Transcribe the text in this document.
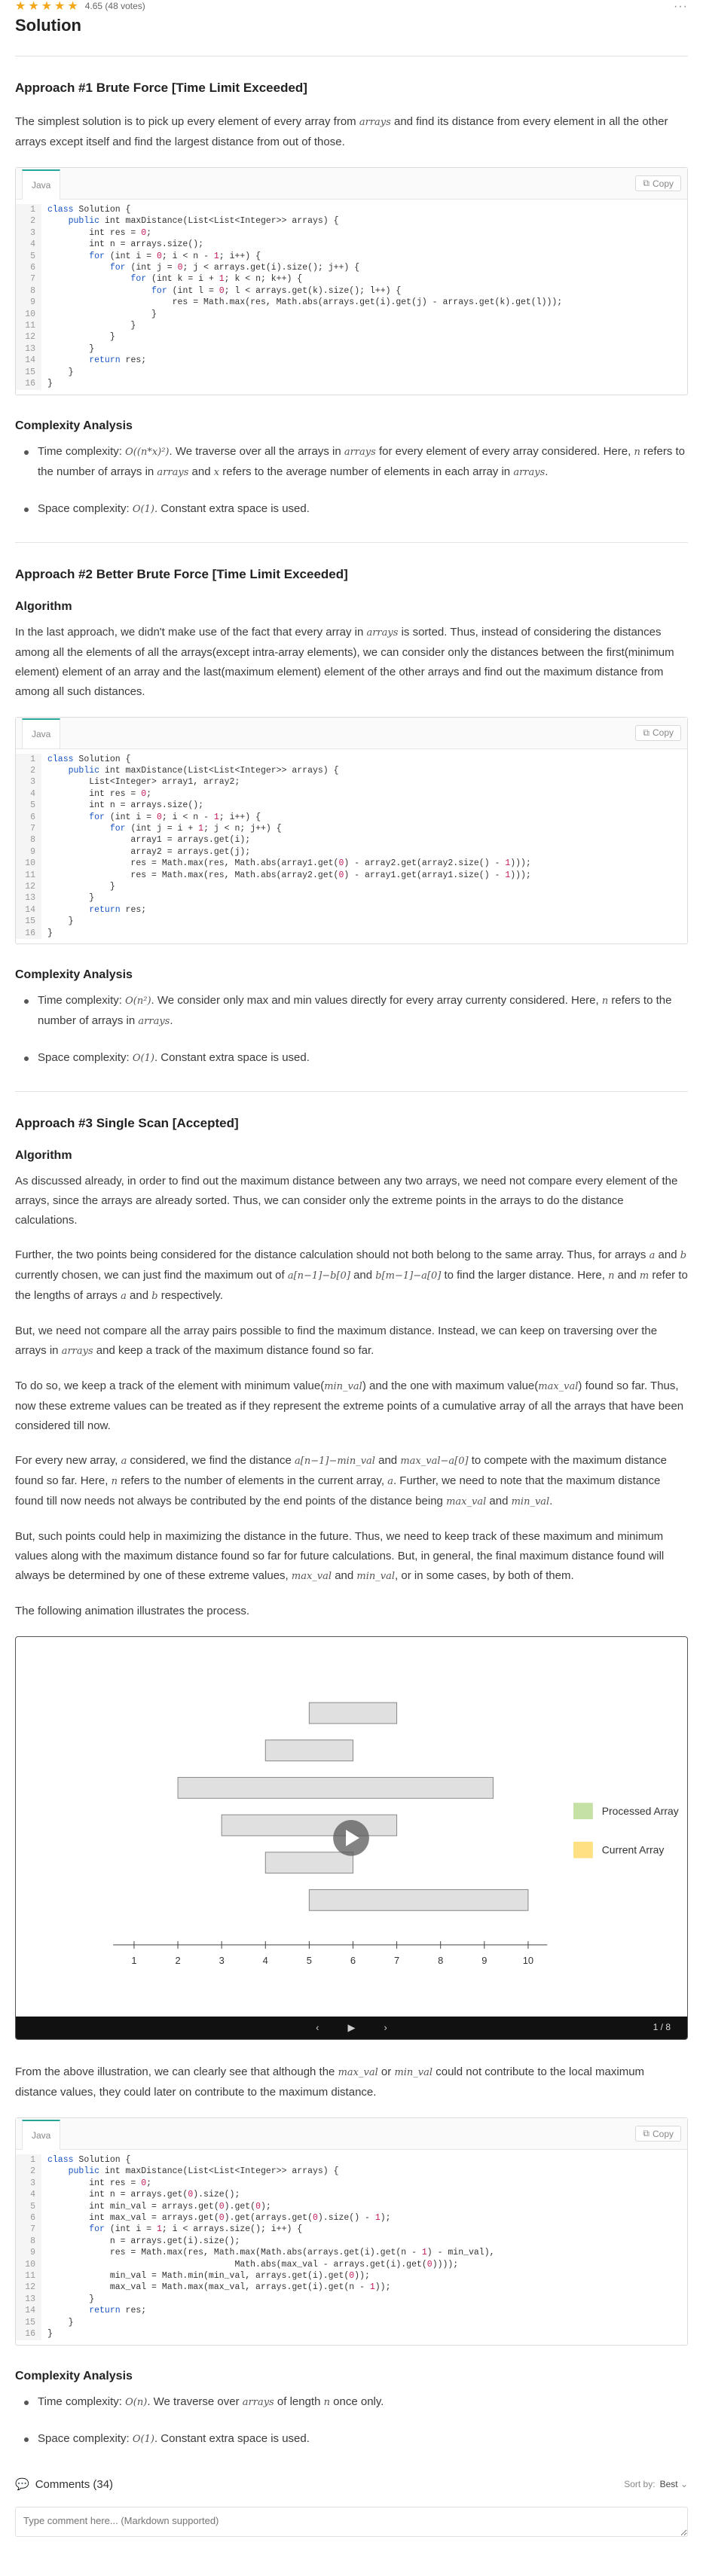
★★★★★ 4.65
(48 votes)	···
Solution
Approach #1 Brute Force [Time Limit Exceeded]

The simplest solution is to pick up every element of every array from arrays and find its distance from every element in all the other arrays except itself and find the largest distance from out of those.

Java	⧉ Copy
1
2
3
4
5
6
7
8
9
10
11
12
13
14
15
16
class Solution {
public int maxDistance(List<List<Integer>> arrays) {
int res = 0;
int n = arrays.size();
for (int i = 0; i < n - 1; i++) {
for (int j = 0; j < arrays.get(i).size(); j++) {
for (int k = i + 1; k < n; k++) {
for (int l = 0; l < arrays.get(k).size(); l++) {
res = Math.max(res, Math.abs(arrays.get(i).get(j) - arrays.get(k).get(l)));
}
}
}
}
return res;
}
}
Complexity Analysis
Time complexity: O((n*x)²). We traverse over all the arrays in arrays for every element of every array considered. Here, n refers to the number of arrays in arrays and x refers to the average number of elements in each array in arrays.
Space complexity: O(1). Constant extra space is used.
Approach #2 Better Brute Force [Time Limit Exceeded]
Algorithm

In the last approach, we didn't make use of the fact that every array in arrays is sorted. Thus, instead of considering the distances among all the elements of all the arrays(except intra-array elements), we can consider only the distances between the first(minimum element) element of an array and the last(maximum element) element of the other arrays and find out the maximum distance from among all such distances.

Java	⧉ Copy
1
2
3
4
5
6
7
8
9
10
11
12
13
14
15
16
class Solution {
public int maxDistance(List<List<Integer>> arrays) {
List<Integer> array1, array2;
int res = 0;
int n = arrays.size();
for (int i = 0; i < n - 1; i++) {
for (int j = i + 1; j < n; j++) {
array1 = arrays.get(i);
array2 = arrays.get(j);
res = Math.max(res, Math.abs(array1.get(0) - array2.get(array2.size() - 1)));
res = Math.max(res, Math.abs(array2.get(0) - array1.get(array1.size() - 1)));
}
}
return res;
}
}
Complexity Analysis
Time complexity: O(n²). We consider only max and min values directly for every array currenty considered. Here, n refers to the number of arrays in arrays.
Space complexity: O(1). Constant extra space is used.
Approach #3 Single Scan [Accepted]
Algorithm

As discussed already, in order to find out the maximum distance between any two arrays, we need not compare every element of the arrays, since the arrays are already sorted. Thus, we can consider only the extreme points in the arrays to do the distance calculations.

Further, the two points being considered for the distance calculation should not both belong to the same array. Thus, for arrays a and b currently chosen, we can just find the maximum out of a[n−1]−b[0] and b[m−1]−a[0] to find the larger distance. Here, n and m refer to the lengths of arrays a and b respectively.

But, we need not compare all the array pairs possible to find the maximum distance. Instead, we can keep on traversing over the arrays in arrays and keep a track of the maximum distance found so far.

To do so, we keep a track of the element with minimum value(min_val) and the one with maximum value(max_val) found so far. Thus, now these extreme values can be treated as if they represent the extreme points of a cumulative array of all the arrays that have been considered till now.

For every new array, a considered, we find the distance a[n−1]−min_val and max_val−a[0] to compete with the maximum distance found so far. Here, n refers to the number of elements in the current array, a. Further, we need to note that the maximum distance found till now needs not always be contributed by the end points of the distance being max_val and min_val.

But, such points could help in maximizing the distance in the future. Thus, we need to keep track of these maximum and minimum values along with the maximum distance found so far for future calculations. But, in general, the final maximum distance found will always be determined by one of these extreme values, max_val and min_val, or in some cases, by both of them.

The following animation illustrates the process.

1	2	3	4	5	6	7	8	9	10
Processed Array
Current Array
‹	▶	›	1 / 8

From the above illustration, we can clearly see that although the max_val or min_val could not contribute to the local maximum distance values, they could later on contribute to the maximum distance.

Java	⧉ Copy
1
2
3
4
5
6
7
8
9
10
11
12
13
14
15
16
class Solution {
public int maxDistance(List<List<Integer>> arrays) {
int res = 0;
int n = arrays.get(0).size();
int min_val = arrays.get(0).get(0);
int max_val = arrays.get(0).get(arrays.get(0).size() - 1);
for (int i = 1; i < arrays.size(); i++) {
n = arrays.get(i).size();
res = Math.max(res, Math.max(Math.abs(arrays.get(i).get(n - 1) - min_val),
Math.abs(max_val - arrays.get(i).get(0))));
min_val = Math.min(min_val, arrays.get(i).get(0));
max_val = Math.max(max_val, arrays.get(i).get(n - 1));
}
return res;
}
}
Complexity Analysis
Time complexity: O(n). We traverse over arrays of length n once only.
Space complexity: O(1). Constant extra space is used.
💬 Comments (34)	Sort by: Best ⌄
Type comment here... (Markdown supported)
